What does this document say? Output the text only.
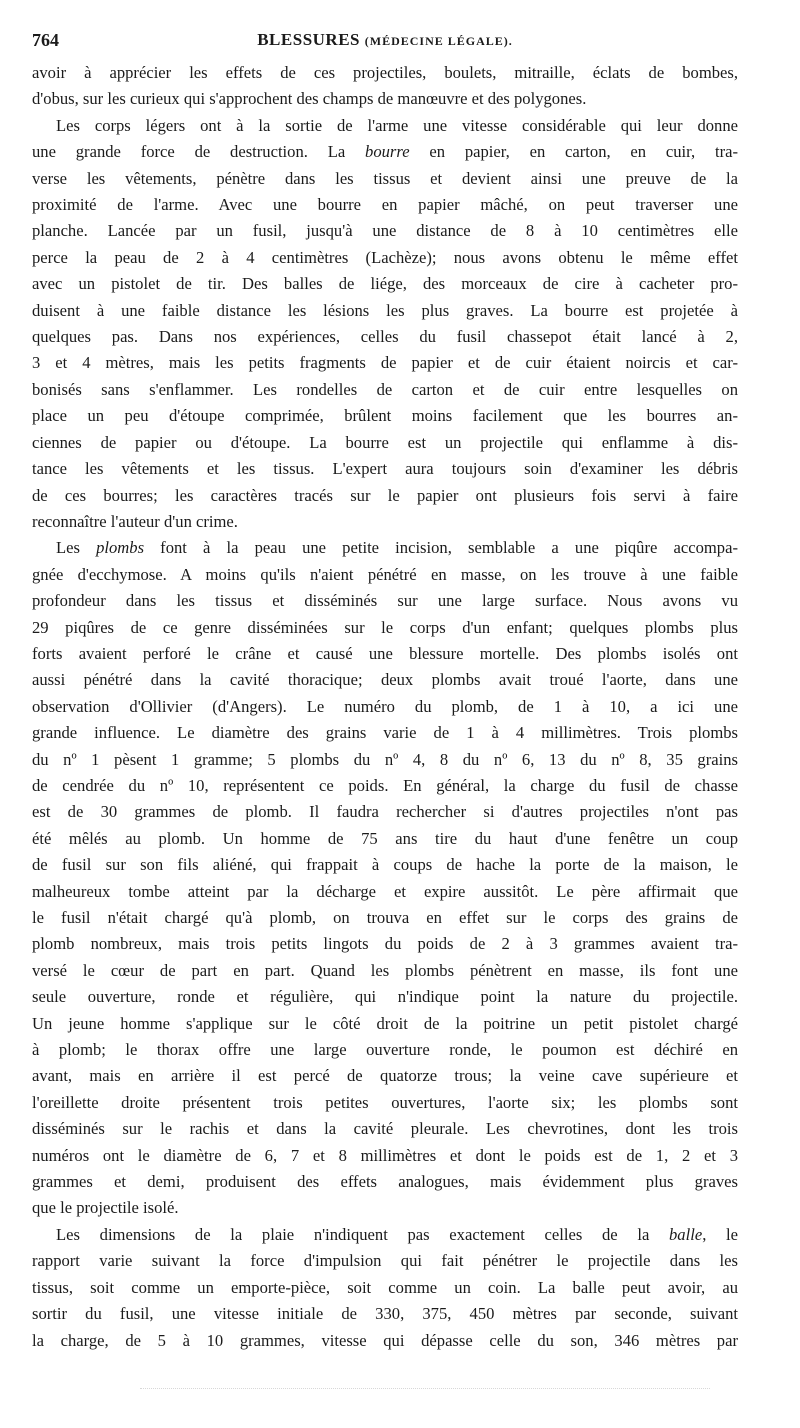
764	BLESSURES (MÉDECINE LÉGALE).

avoir à apprécier les effets de ces projectiles, boulets, mitraille, éclats de bombes,
d'obus, sur les curieux qui s'approchent des champs de manœuvre et des polygones.

Les corps légers ont à la sortie de l'arme une vitesse considérable qui leur donne
une grande force de destruction. La bourre en papier, en carton, en cuir, tra-
verse les vêtements, pénètre dans les tissus et devient ainsi une preuve de la
proximité de l'arme. Avec une bourre en papier mâché, on peut traverser une
planche. Lancée par un fusil, jusqu'à une distance de 8 à 10 centimètres elle
perce la peau de 2 à 4 centimètres (Lachèze); nous avons obtenu le même effet
avec un pistolet de tir. Des balles de liége, des morceaux de cire à cacheter pro-
duisent à une faible distance les lésions les plus graves. La bourre est projetée à
quelques pas. Dans nos expériences, celles du fusil chassepot était lancé à 2,
3 et 4 mètres, mais les petits fragments de papier et de cuir étaient noircis et car-
bonisés sans s'enflammer. Les rondelles de carton et de cuir entre lesquelles on
place un peu d'étoupe comprimée, brûlent moins facilement que les bourres an-
ciennes de papier ou d'étoupe. La bourre est un projectile qui enflamme à dis-
tance les vêtements et les tissus. L'expert aura toujours soin d'examiner les débris
de ces bourres; les caractères tracés sur le papier ont plusieurs fois servi à faire
reconnaître l'auteur d'un crime.

Les plombs font à la peau une petite incision, semblable a une piqûre accompa-
gnée d'ecchymose. A moins qu'ils n'aient pénétré en masse, on les trouve à une faible
profondeur dans les tissus et disséminés sur une large surface. Nous avons vu
29 piqûres de ce genre disséminées sur le corps d'un enfant; quelques plombs plus
forts avaient perforé le crâne et causé une blessure mortelle. Des plombs isolés ont
aussi pénétré dans la cavité thoracique; deux plombs avait troué l'aorte, dans une
observation d'Ollivier (d'Angers). Le numéro du plomb, de 1 à 10, a ici une
grande influence. Le diamètre des grains varie de 1 à 4 millimètres. Trois plombs
du nº 1 pèsent 1 gramme; 5 plombs du nº 4, 8 du nº 6, 13 du nº 8, 35 grains
de cendrée du nº 10, représentent ce poids. En général, la charge du fusil de chasse
est de 30 grammes de plomb. Il faudra rechercher si d'autres projectiles n'ont pas
été mêlés au plomb. Un homme de 75 ans tire du haut d'une fenêtre un coup
de fusil sur son fils aliéné, qui frappait à coups de hache la porte de la maison, le
malheureux tombe atteint par la décharge et expire aussitôt. Le père affirmait que
le fusil n'était chargé qu'à plomb, on trouva en effet sur le corps des grains de
plomb nombreux, mais trois petits lingots du poids de 2 à 3 grammes avaient tra-
versé le cœur de part en part. Quand les plombs pénètrent en masse, ils font une
seule ouverture, ronde et régulière, qui n'indique point la nature du projectile.
Un jeune homme s'applique sur le côté droit de la poitrine un petit pistolet chargé
à plomb; le thorax offre une large ouverture ronde, le poumon est déchiré en
avant, mais en arrière il est percé de quatorze trous; la veine cave supérieure et
l'oreillette droite présentent trois petites ouvertures, l'aorte six; les plombs sont
disséminés sur le rachis et dans la cavité pleurale. Les chevrotines, dont les trois
numéros ont le diamètre de 6, 7 et 8 millimètres et dont le poids est de 1, 2 et 3
grammes et demi, produisent des effets analogues, mais évidemment plus graves
que le projectile isolé.

Les dimensions de la plaie n'indiquent pas exactement celles de la balle, le
rapport varie suivant la force d'impulsion qui fait pénétrer le projectile dans les
tissus, soit comme un emporte-pièce, soit comme un coin. La balle peut avoir, au
sortir du fusil, une vitesse initiale de 330, 375, 450 mètres par seconde, suivant
la charge, de 5 à 10 grammes, vitesse qui dépasse celle du son, 346 mètres par
